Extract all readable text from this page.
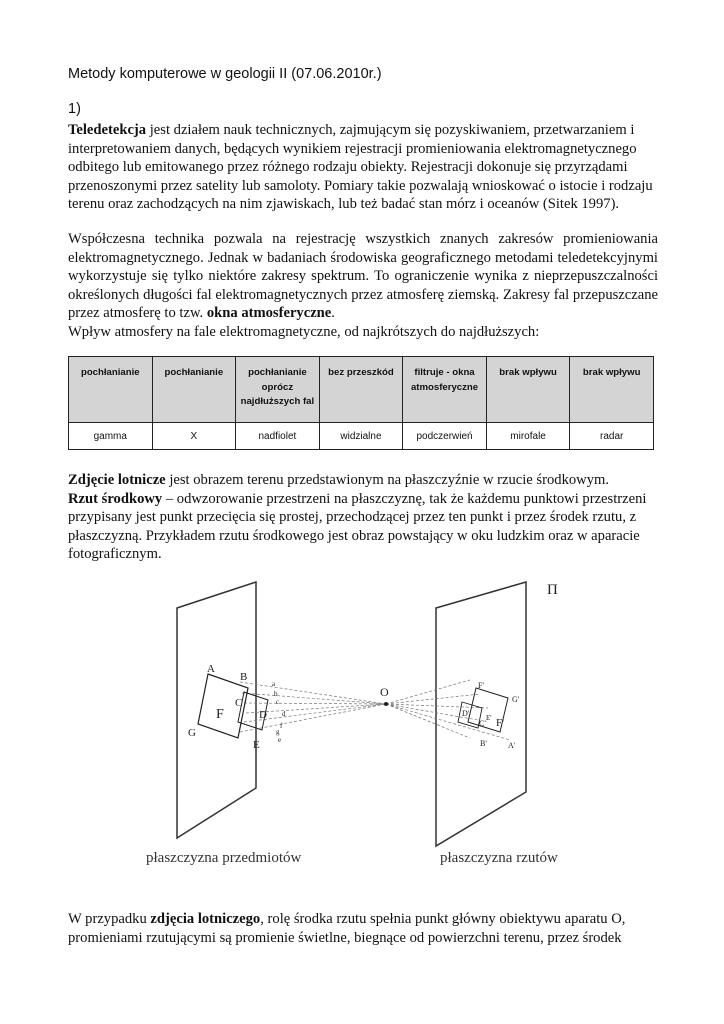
Metody komputerowe w geologii II (07.06.2010r.)
1)

Teledetekcja jest działem nauk technicznych, zajmującym się pozyskiwaniem, przetwarzaniem i interpretowaniem danych, będących wynikiem rejestracji promieniowania elektromagnetycznego odbitego lub emitowanego przez różnego rodzaju obiekty. Rejestracji dokonuje się przyrządami przenoszonymi przez satelity lub samoloty. Pomiary takie pozwalają wnioskować o istocie i rodzaju terenu oraz zachodzących na nim zjawiskach, lub też badać stan mórz i oceanów (Sitek 1997).

Współczesna technika pozwala na rejestrację wszystkich znanych zakresów promieniowania elektromagnetycznego. Jednak w badaniach środowiska geograficznego metodami teledetekcyjnymi wykorzystuje się tylko niektóre zakresy spektrum. To ograniczenie wynika z nieprzepuszczalności określonych długości fal elektromagnetycznych przez atmosferę ziemską. Zakresy fal przepuszczane przez atmosferę to tzw. okna atmosferyczne.

Wpływ atmosfery na fale elektromagnetyczne, od najkrótszych do najdłuższych:

pochłanianie	pochłanianie	pochłanianie oprócz najdłuższych fal	bez przeszkód	filtruje - okna atmosferyczne	brak wpływu	brak wpływu
gamma	X	nadfiolet	widzialne	podczerwień	mirofale	radar

Zdjęcie lotnicze jest obrazem terenu przedstawionym na płaszczyźnie w rzucie środkowym.

Rzut środkowy – odwzorowanie przestrzeni na płaszczyznę, tak że każdemu punktowi przestrzeni przypisany jest punkt przecięcia się prostej, przechodzącej przez ten punkt i przez środek rzutu, z płaszczyzną. Przykładem rzutu środkowego jest obraz powstający w oku ludzkim oraz w aparacie fotograficznym.

Π
O
A
B
C
D
E
F
G
F'
G'
D'
C' F'
E'
B'	A'
a
b
c
d
e
f
g
płaszczyzna przedmiotów	płaszczyzna rzutów

W przypadku zdjęcia lotniczego, rolę środka rzutu spełnia punkt główny obiektywu aparatu O, promieniami rzutującymi są promienie świetlne, biegnące od powierzchni terenu, przez środek
